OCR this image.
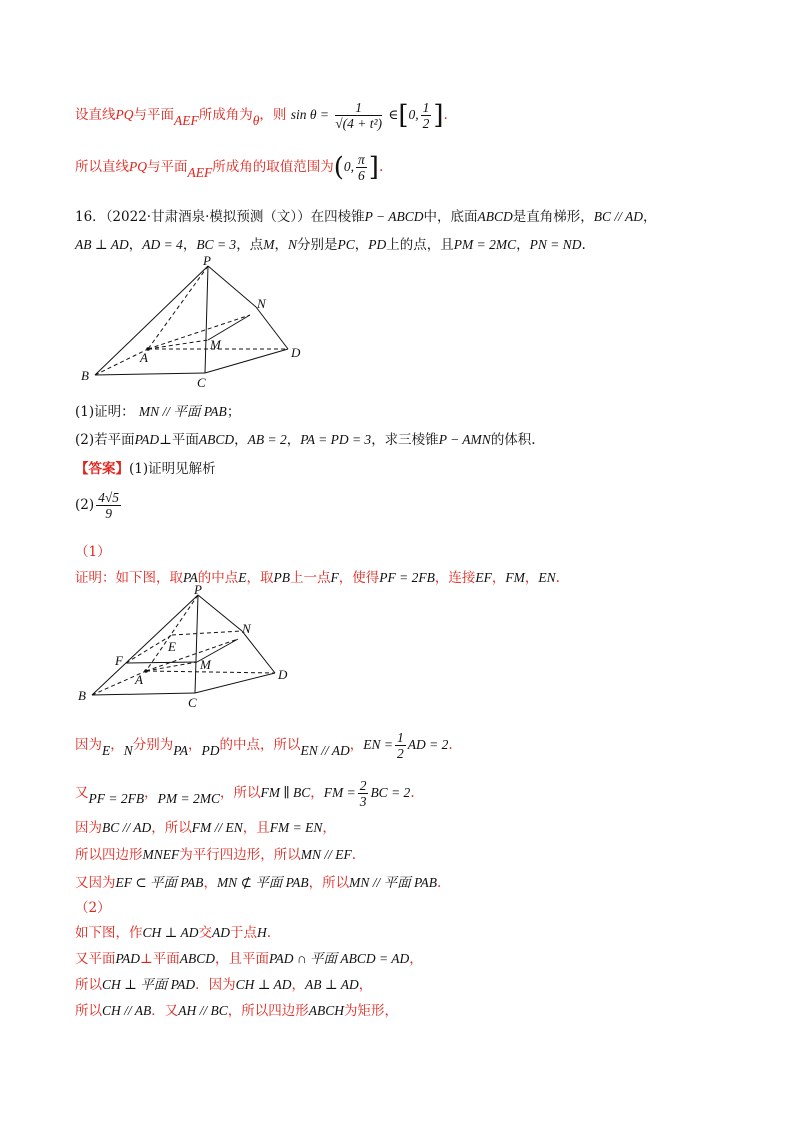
设直线PQ与平面AEF所成角为θ，则 $\sin \theta = \frac{1}{\text{√(4 + t²)}}$ ∈[0, $\frac{1}{2}$ ].
所以直线PQ与平面AEF所成角的取值范围为(0, $\frac{\pi}{6}$ ].
16．（2022·甘肃酒泉·模拟预测（文））在四棱锥P − ABCD中，底面ABCD是直角梯形，BC // AD，
AB ⊥ AD，AD = 4，BC = 3，点M，N分别是PC，PD上的点，且PM = 2MC，PN = ND.
P
A
B	C
D
M
N
(1)证明： MN // 平面 PAB；
(2)若平面PAD⊥平面ABCD，AB = 2，PA = PD = 3，求三棱锥P − AMN的体积.
【答案】(1)证明见解析
$(2) \frac{4√5}{9}$
（1）
证明：如下图，取PA的中点E，取PB上一点F，使得PF = 2FB，连接EF，FM，EN.
P
E
F
A
B	C
D
M
N
因为E，N分别为PA，PD的中点，所以EN // AD，EN = $\frac{1}{2}$ AD = 2.
又PF = 2FB，PM = 2MC，所以FM ∥ BC，FM = $\frac{2}{3}$ BC = 2.
因为BC // AD，所以FM // EN，且FM = EN，
所以四边形MNEF为平行四边形，所以MN // EF.
又因为EF ⊂ 平面 PAB，MN ⊄ 平面 PAB，所以MN // 平面 PAB.
（2）
如下图，作CH ⊥ AD交AD于点H.
又平面PAD⊥平面ABCD，且平面PAD ∩ 平面 ABCD = AD，
所以CH ⊥ 平面 PAD．因为CH ⊥ AD，AB ⊥ AD，
所以CH // AB．又AH // BC，所以四边形ABCH为矩形，
